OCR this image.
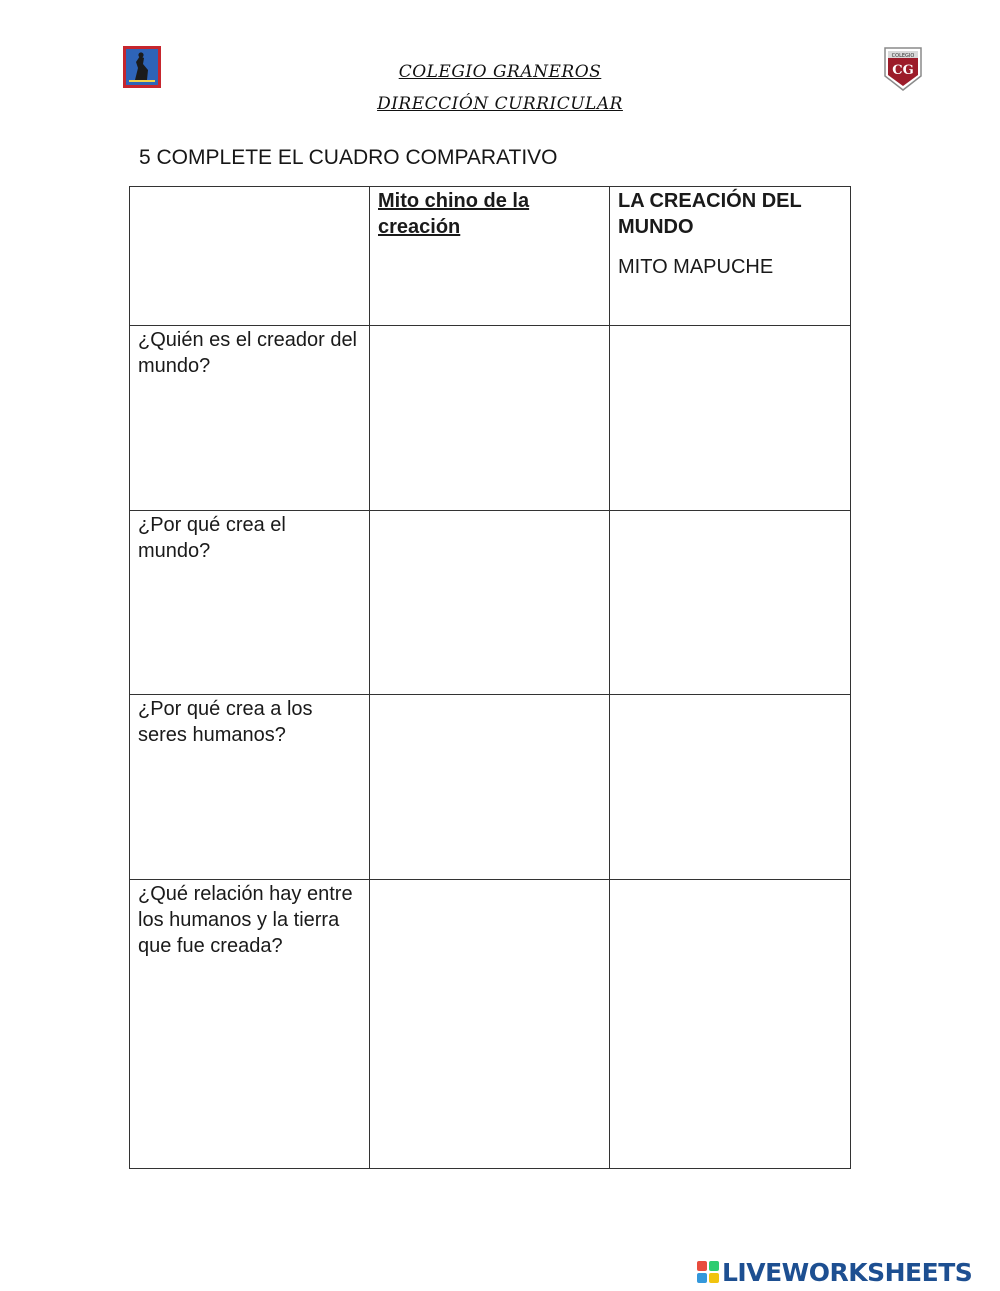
COLEGIO
CG
COLEGIO GRANEROS
DIRECCIÓN CURRICULAR
5 COMPLETE EL CUADRO COMPARATIVO

	Mito chino de la creación	LA CREACIÓN DEL MUNDO
MITO MAPUCHE

¿Quién es el creador del mundo?		

¿Por qué crea el mundo?		

¿Por qué crea a los seres humanos?		

¿Qué relación hay entre los humanos y la tierra que fue creada?		

LIVEWORKSHEETS
